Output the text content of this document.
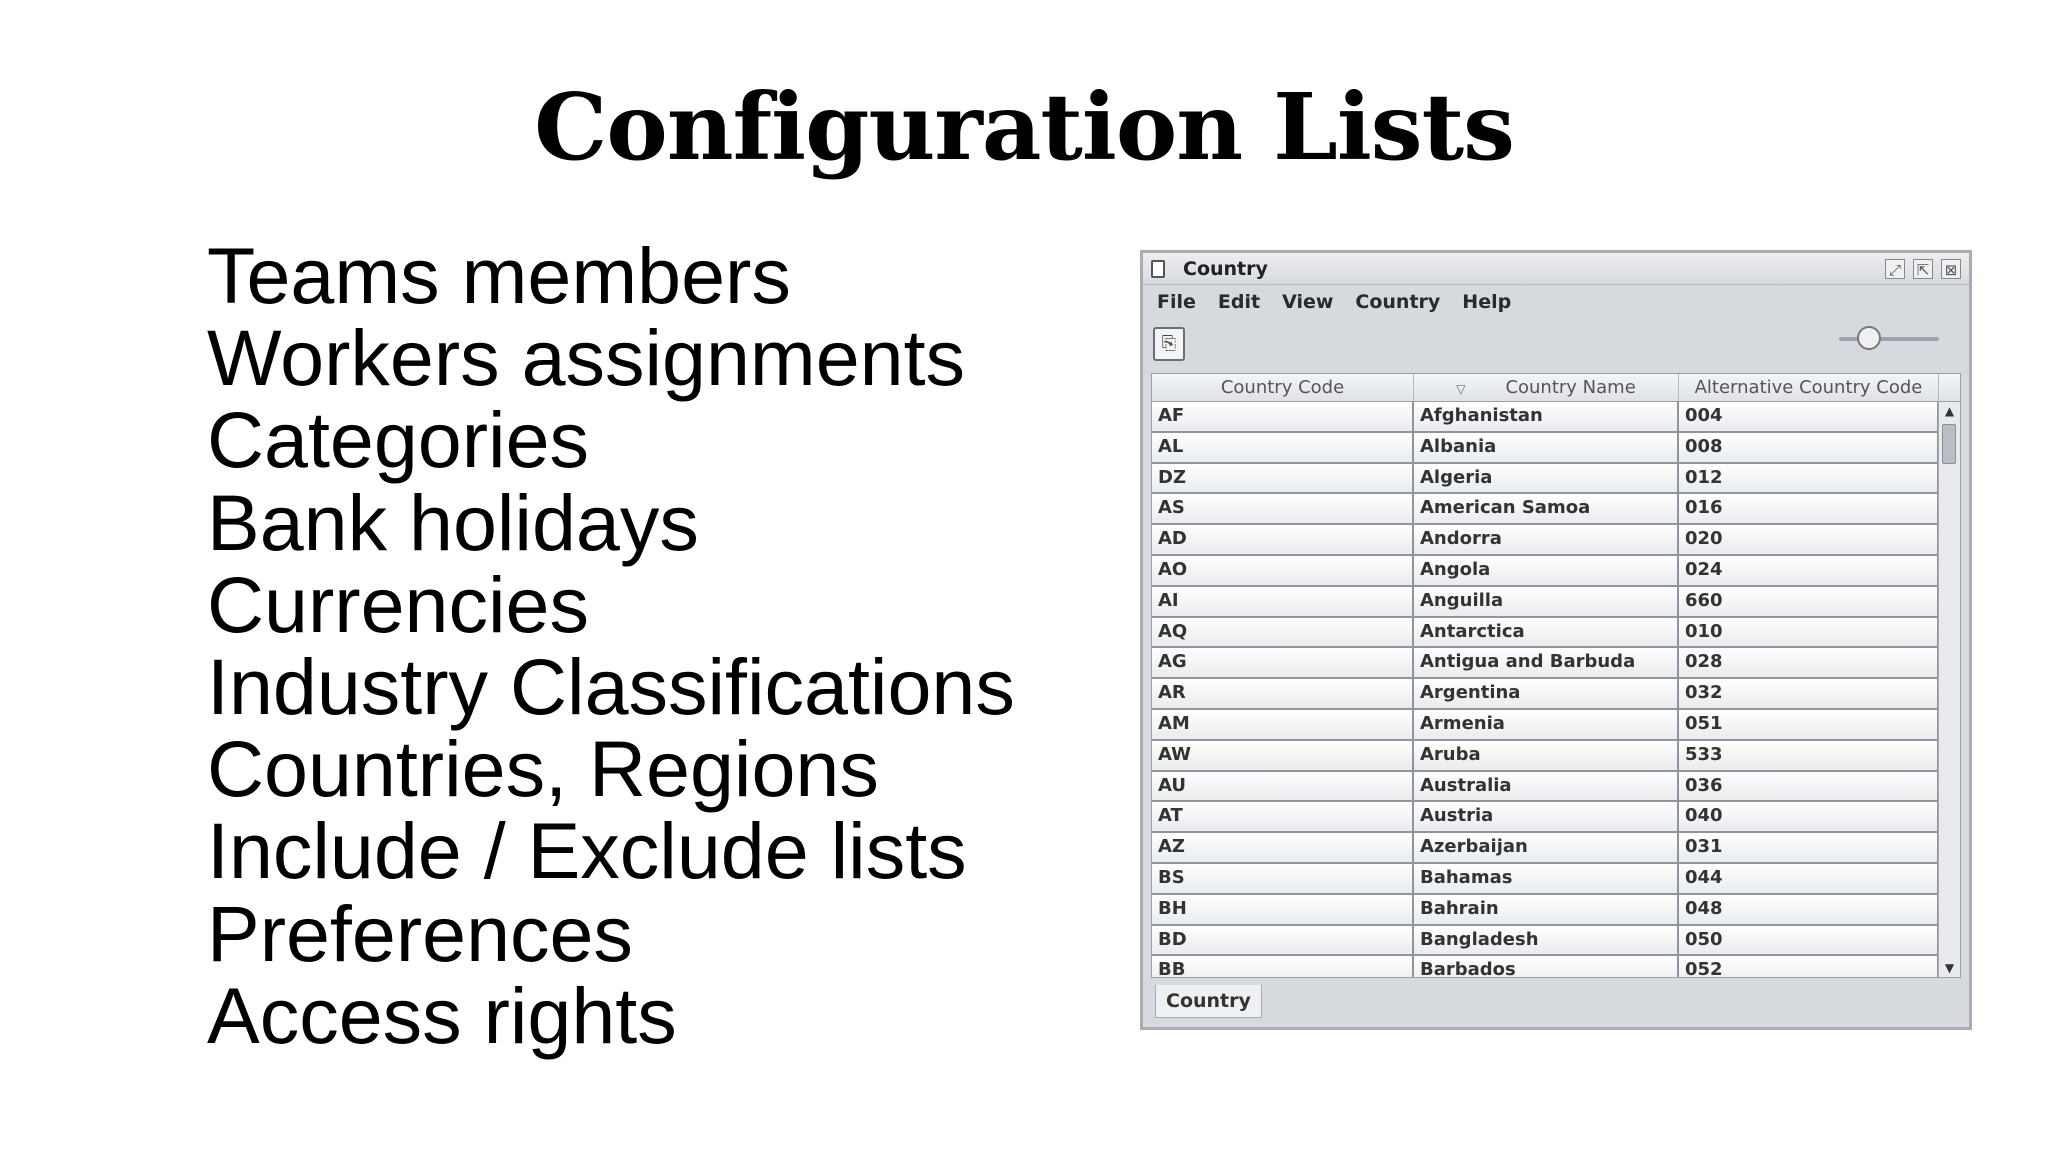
Configuration Lists
Teams members
Workers assignments
Categories
Bank holidays
Currencies
Industry Classifications
Countries, Regions
Include / Exclude lists
Preferences
Access rights
Country	⤢ ⇱ ⊠
File Edit View Country Help
⎘
Country Code	▽ Country Name	Alternative Country Code
AF	Afghanistan	004
AL	Albania	008
DZ	Algeria	012
AS	American Samoa	016
AD	Andorra	020
AO	Angola	024
AI	Anguilla	660
AQ	Antarctica	010
AG	Antigua and Barbuda	028
AR	Argentina	032
AM	Armenia	051
AW	Aruba	533
AU	Australia	036
AT	Austria	040
AZ	Azerbaijan	031
BS	Bahamas	044
BH	Bahrain	048
BD	Bangladesh	050
BB	Barbados	052
▲
▼
Country
